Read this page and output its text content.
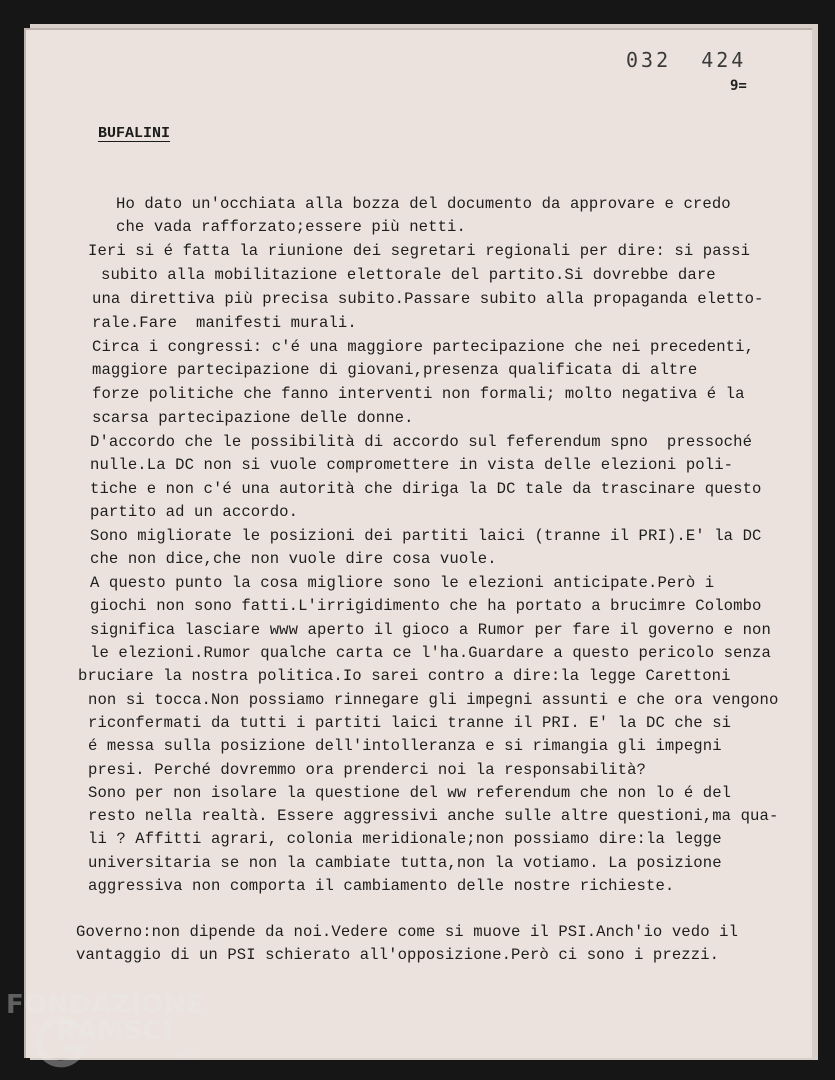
032  424
9=
BUFALINI
Ho dato un'occhiata alla bozza del documento da approvare e credo
che vada rafforzato;essere più netti.
Ieri si é fatta la riunione dei segretari regionali per dire: si passi
subito alla mobilitazione elettorale del partito.Si dovrebbe dare
una direttiva più precisa subito.Passare subito alla propaganda eletto-
rale.Fare  manifesti murali.
Circa i congressi: c'é una maggiore partecipazione che nei precedenti,
maggiore partecipazione di giovani,presenza qualificata di altre
forze politiche che fanno interventi non formali; molto negativa é la
scarsa partecipazione delle donne.
D'accordo che le possibilità di accordo sul feferendum spno  pressoché
nulle.La DC non si vuole compromettere in vista delle elezioni poli-
tiche e non c'é una autorità che diriga la DC tale da trascinare questo
partito ad un accordo.
Sono migliorate le posizioni dei partiti laici (tranne il PRI).E' la DC
che non dice,che non vuole dire cosa vuole.
A questo punto la cosa migliore sono le elezioni anticipate.Però i
giochi non sono fatti.L'irrigidimento che ha portato a brucimre Colombo
significa lasciare www aperto il gioco a Rumor per fare il governo e non
le elezioni.Rumor qualche carta ce l'ha.Guardare a questo pericolo senza
bruciare la nostra politica.Io sarei contro a dire:la legge Carettoni
non si tocca.Non possiamo rinnegare gli impegni assunti e che ora vengono
riconfermati da tutti i partiti laici tranne il PRI. E' la DC che si
é messa sulla posizione dell'intolleranza e si rimangia gli impegni
presi. Perché dovremmo ora prenderci noi la responsabilità?
Sono per non isolare la questione del ww referendum che non lo é del
resto nella realtà. Essere aggressivi anche sulle altre questioni,ma qua-
li ? Affitti agrari, colonia meridionale;non possiamo dire:la legge
universitaria se non la cambiate tutta,non la votiamo. La posizione
aggressiva non comporta il cambiamento delle nostre richieste.
Governo:non dipende da noi.Vedere come si muove il PSI.Anch'io vedo il
vantaggio di un PSI schierato all'opposizione.Però ci sono i prezzi.
FONDAZIONE
RAMSCI
onlus
